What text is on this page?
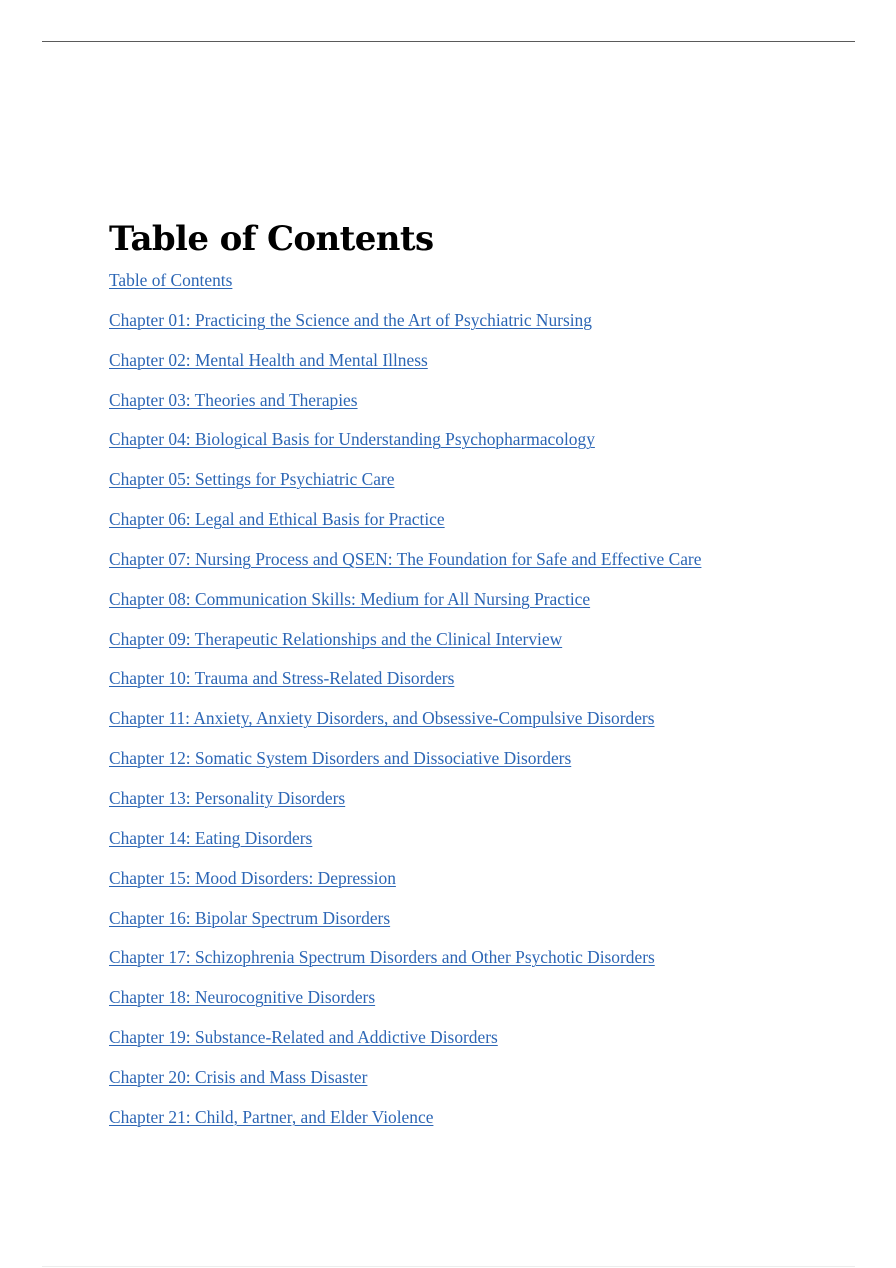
Table of Contents
Table of Contents
Chapter 01: Practicing the Science and the Art of Psychiatric Nursing
Chapter 02: Mental Health and Mental Illness
Chapter 03: Theories and Therapies
Chapter 04: Biological Basis for Understanding Psychopharmacology
Chapter 05: Settings for Psychiatric Care
Chapter 06: Legal and Ethical Basis for Practice
Chapter 07: Nursing Process and QSEN: The Foundation for Safe and Effective Care
Chapter 08: Communication Skills: Medium for All Nursing Practice
Chapter 09: Therapeutic Relationships and the Clinical Interview
Chapter 10: Trauma and Stress-Related Disorders
Chapter 11: Anxiety, Anxiety Disorders, and Obsessive-Compulsive Disorders
Chapter 12: Somatic System Disorders and Dissociative Disorders
Chapter 13: Personality Disorders
Chapter 14: Eating Disorders
Chapter 15: Mood Disorders: Depression
Chapter 16: Bipolar Spectrum Disorders
Chapter 17: Schizophrenia Spectrum Disorders and Other Psychotic Disorders
Chapter 18: Neurocognitive Disorders
Chapter 19: Substance-Related and Addictive Disorders
Chapter 20: Crisis and Mass Disaster
Chapter 21: Child, Partner, and Elder Violence
